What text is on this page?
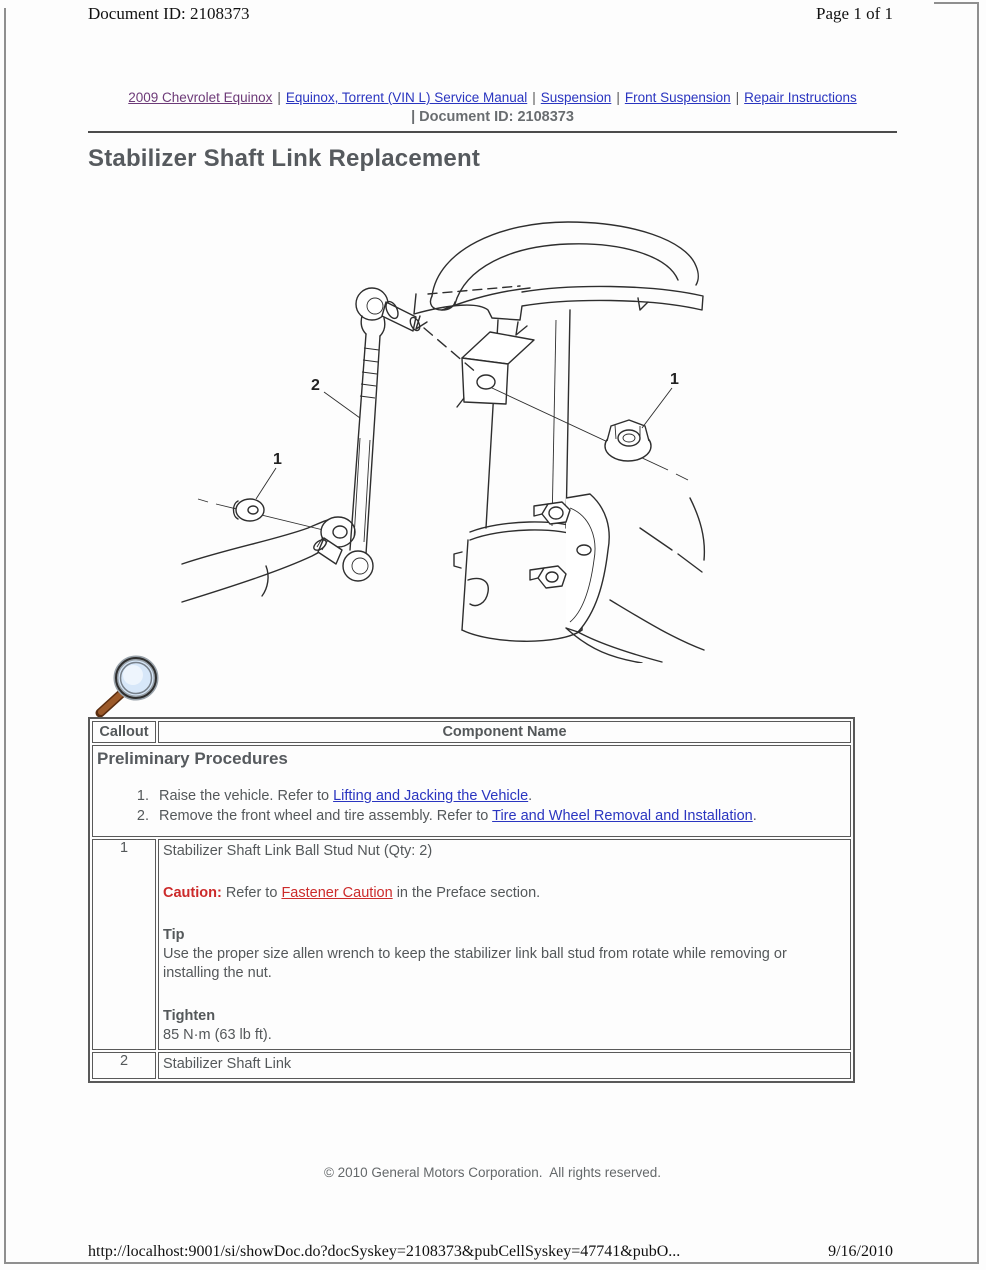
Document ID: 2108373	Page 1 of 1
2009 Chevrolet Equinox | Equinox, Torrent (VIN L) Service Manual | Suspension | Front Suspension | Repair Instructions
| Document ID: 2108373
Stabilizer Shaft Link Replacement
2	1
1
Callout	Component Name

Preliminary Procedures
1. Raise the vehicle. Refer to Lifting and Jacking the Vehicle.
2. Remove the front wheel and tire assembly. Refer to Tire and Wheel Removal and Installation.

1	Stabilizer Shaft Link Ball Stud Nut (Qty: 2)
Caution: Refer to Fastener Caution in the Preface section.
Tip
Use the proper size allen wrench to keep the stabilizer link ball stud from rotate while removing or installing the nut.
Tighten
85 N·m (63 lb ft).

2	Stabilizer Shaft Link
© 2010 General Motors Corporation.  All rights reserved.
http://localhost:9001/si/showDoc.do?docSyskey=2108373&pubCellSyskey=47741&pubO...	9/16/2010
